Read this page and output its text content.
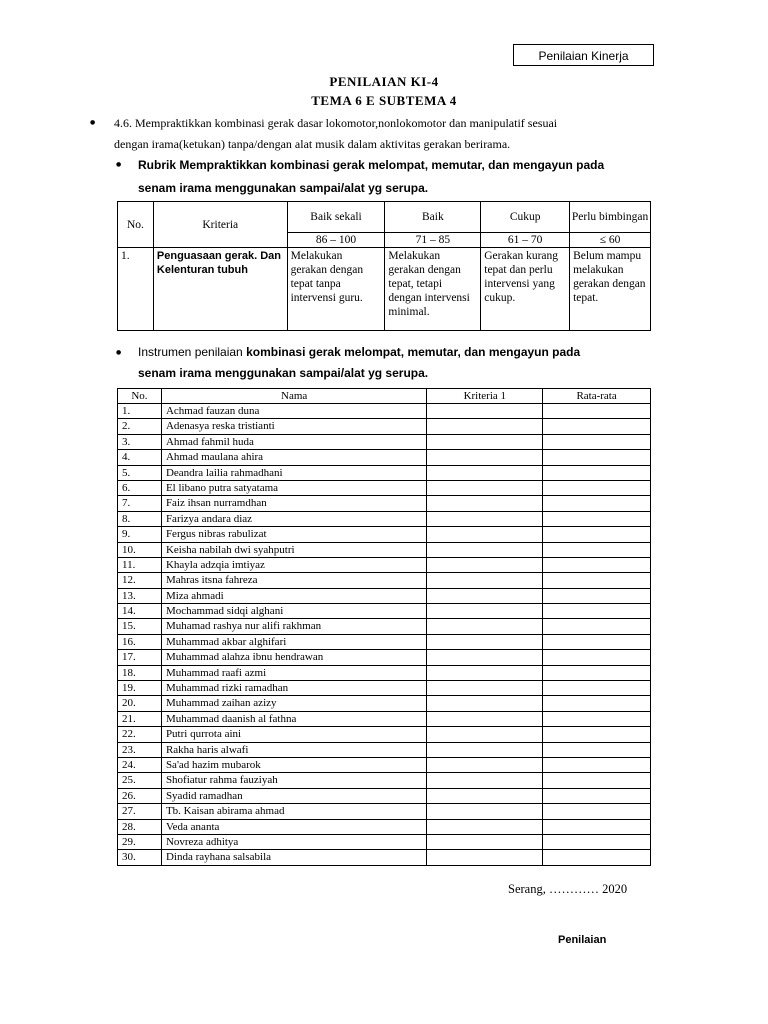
Penilaian Kinerja
PENILAIAN KI-4
TEMA 6 E SUBTEMA 4
● 4.6. Mempraktikkan kombinasi gerak dasar lokomotor,nonlokomotor dan manipulatif sesuai
dengan irama(ketukan) tanpa/dengan alat musik dalam aktivitas gerakan berirama.
● Rubrik Mempraktikkan kombinasi gerak melompat, memutar, dan mengayun pada
senam irama menggunakan sampai/alat yg serupa.
No.	Kriteria	Baik sekali	Baik	Cukup	Perlu bimbingan
		86 – 100	71 – 85	61 – 70	≤ 60
1.	Penguasaan gerak. Dan Kelenturan tubuh	Melakukan gerakan dengan tepat tanpa intervensi guru.	Melakukan gerakan dengan tepat, tetapi dengan intervensi minimal.	Gerakan kurang tepat dan perlu intervensi yang cukup.	Belum mampu melakukan gerakan dengan tepat.
● Instrumen penilaian kombinasi gerak melompat, memutar, dan mengayun pada
senam irama menggunakan sampai/alat yg serupa.
No.	Nama	Kriteria 1	Rata-rata
1.	Achmad fauzan duna		
2.	Adenasya reska tristianti		
3.	Ahmad fahmil huda		
4.	Ahmad maulana ahira		
5.	Deandra lailia rahmadhani		
6.	El libano putra satyatama		
7.	Faiz ihsan nurramdhan		
8.	Farizya andara diaz		
9.	Fergus nibras rabulizat		
10.	Keisha nabilah dwi syahputri		
11.	Khayla adzqia imtiyaz		
12.	Mahras itsna fahreza		
13.	Miza ahmadi		
14.	Mochammad sidqi alghani		
15.	Muhamad rashya nur alifi rakhman		
16.	Muhammad akbar alghifari		
17.	Muhammad alahza ibnu hendrawan		
18.	Muhammad raafi azmi		
19.	Muhammad rizki ramadhan		
20.	Muhammad zaihan azizy		
21.	Muhammad daanish al fathna		
22.	Putri qurrota aini		
23.	Rakha haris alwafi		
24.	Sa'ad hazim mubarok		
25.	Shofiatur rahma fauziyah		
26.	Syadid ramadhan		
27.	Tb. Kaisan abirama ahmad		
28.	Veda ananta		
29.	Novreza adhitya		
30.	Dinda rayhana salsabila		
Serang, ………… 2020
Penilaian
